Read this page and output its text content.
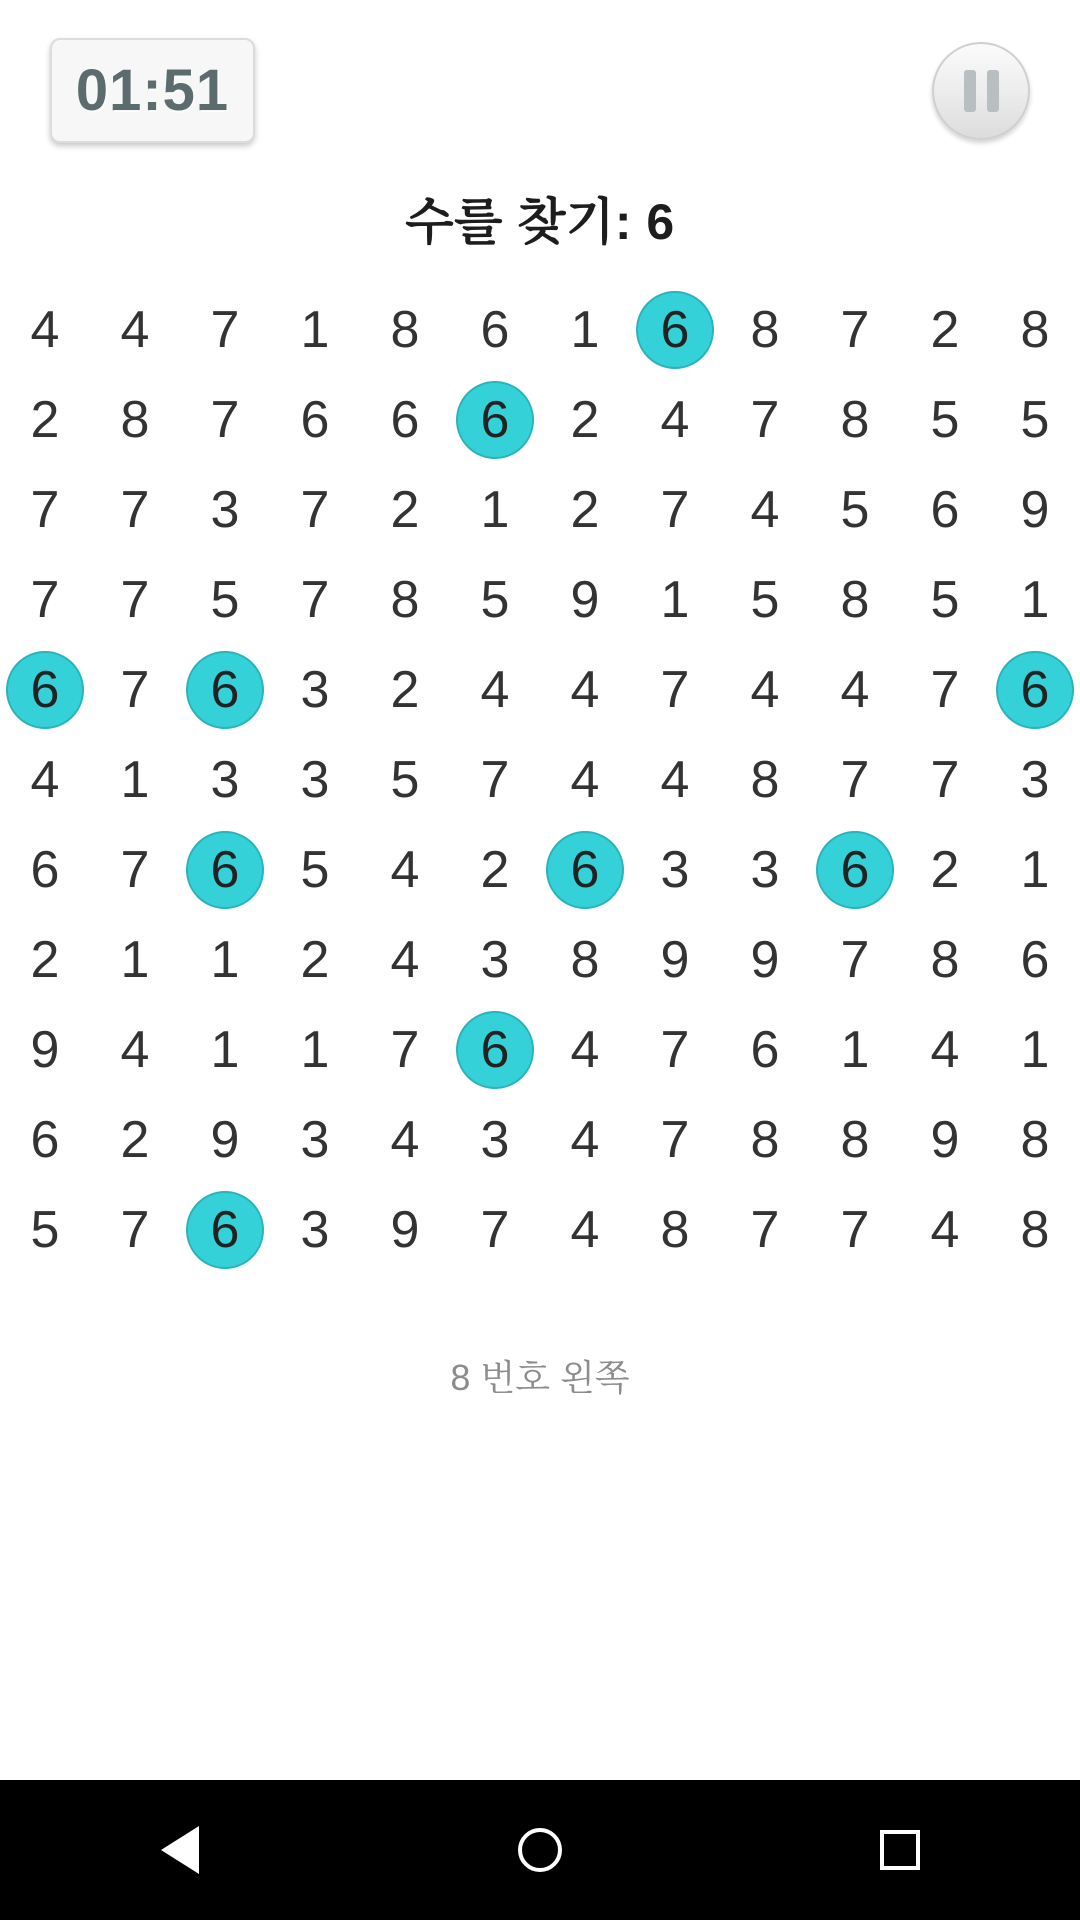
01:51
수를 찾기: 6
4	4	7	1	8	6	1	6	8	7	2	8
2	8	7	6	6	6	2	4	7	8	5	5
7	7	3	7	2	1	2	7	4	5	6	9
7	7	5	7	8	5	9	1	5	8	5	1
6	7	6	3	2	4	4	7	4	4	7	6
4	1	3	3	5	7	4	4	8	7	7	3
6	7	6	5	4	2	6	3	3	6	2	1
2	1	1	2	4	3	8	9	9	7	8	6
9	4	1	1	7	6	4	7	6	1	4	1
6	2	9	3	4	3	4	7	8	8	9	8
5	7	6	3	9	7	4	8	7	7	4	8
8 번호 왼쪽
